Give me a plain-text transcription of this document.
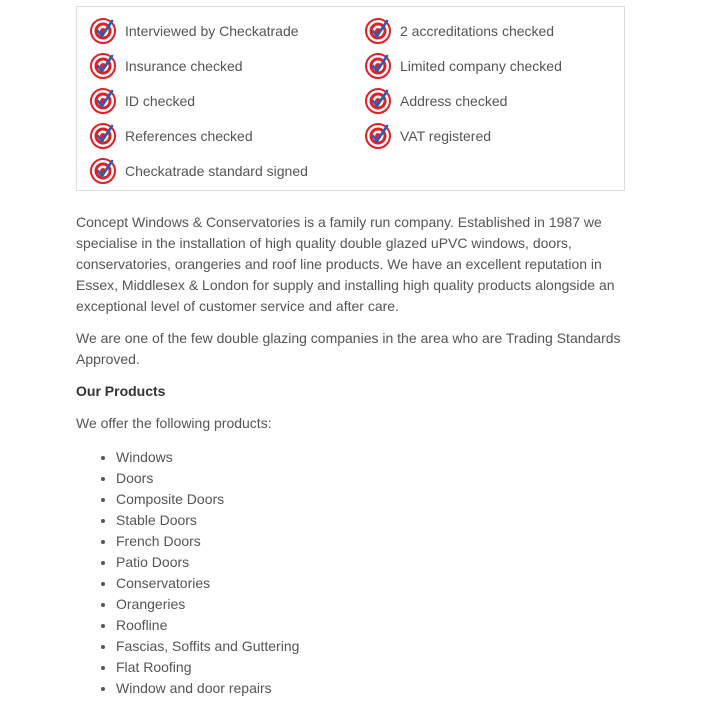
Interviewed by Checkatrade
Insurance checked
ID checked
References checked
Checkatrade standard signed
2 accreditations checked
Limited company checked
Address checked
VAT registered

Concept Windows & Conservatories is a family run company. Established in 1987 we specialise in the installation of high quality double glazed uPVC windows, doors, conservatories, orangeries and roof line products. We have an excellent reputation in Essex, Middlesex & London for supply and installing high quality products alongside an exceptional level of customer service and after care.

We are one of the few double glazing companies in the area who are Trading Standards Approved.

Our Products

We offer the following products:

• Windows
• Doors
• Composite Doors
• Stable Doors
• French Doors
• Patio Doors
• Conservatories
• Orangeries
• Roofline
• Fascias, Soffits and Guttering
• Flat Roofing
• Window and door repairs
